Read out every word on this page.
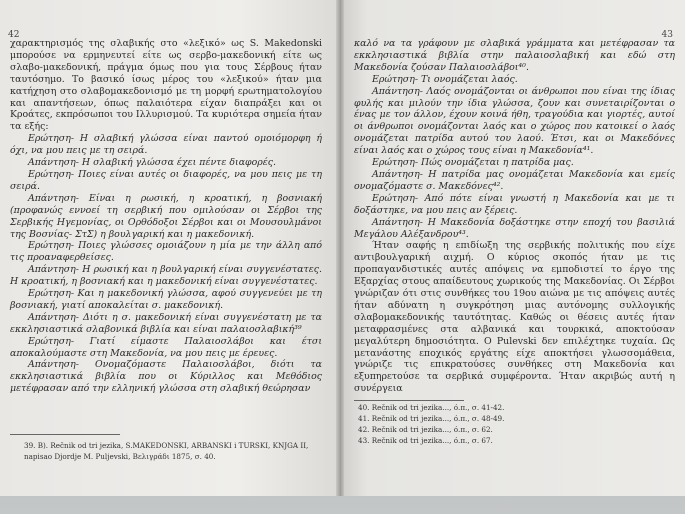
42

χαρακτηρισμός της σλαβικής στο «λεξικό» ως S. Makedonski μπορούσε να ερμηνευτεί είτε ως σερβο-μακεδονική είτε ως σλαβο-μακεδονική, πράγμα όμως που για τους Σέρβους ήταν ταυτόσημο. Το βασικό ίσως μέρος του «λεξικού» ήταν μια κατήχηση στο σλαβομακεδονισμό με τη μορφή ερωτηματολογίου και απαντήσεων, όπως παλαιότερα είχαν διαπράξει και οι Κροάτες, εκπρόσωποι του Ιλλυρισμού. Τα κυριότερα σημεία ήταν τα εξής:

Ερώτηση- Η σλαβική γλώσσα είναι παντού ομοιόμορφη ή όχι, να μου πεις με τη σειρά.

Απάντηση- Η σλαβική γλώσσα έχει πέντε διαφορές.

Ερώτηση- Ποιες είναι αυτές οι διαφορές, να μου πεις με τη σειρά.

Απάντηση- Είναι η ρωσική, η κροατική, η βοσνιακή (προφανώς εννοεί τη σερβική που ομιλούσαν οι Σέρβοι της Σερβικής Ηγεμονίας, οι Ορθόδοξοι Σέρβοι και οι Μουσουλμάνοι της Βοσνίας- ΣτΣ) η βουλγαρική και η μακεδονική.

Ερώτηση- Ποιες γλώσσες ομοιάζουν η μία με την άλλη από τις προαναφερθείσες.

Απάντηση- Η ρωσική και η βουλγαρική είναι συγγενέστατες. Η κροατική, η βοσνιακή και η μακεδονική είναι συγγενέστατες.

Ερώτηση- Και η μακεδονική γλώσσα, αφού συγγενεύει με τη βοσνιακή, γιατί αποκαλείται σ. μακεδονική.

Απάντηση- Διότι η σ. μακεδονική είναι συγγενέστατη με τα εκκλησιαστικά σλαβονικά βιβλία και είναι παλαιοσλαβική³⁹

Ερώτηση- Γιατί είμαστε Παλαιοσλάβοι και έτσι αποκαλούμαστε στη Μακεδονία, να μου πεις με έρευες.

Απάντηση- Ονομαζόμαστε Παλαιοσλάβοι, διότι τα εκκλησιαστικά βιβλία που οι Κύριλλος και Μεθόδιος μετέφρασαν από την ελληνική γλώσσα στη σλαβική θεώρησαν

39. Β). Rečnik od tri jezika, S.MAKEDONSKI, ARBANSKI i TURSKI, KNJGA II, napisao Djordje M. Puljevski, Βελιγράδι 1875, σ. 40.
43

καλό να τα γράφουν με σλαβικά γράμματα και μετέφρασαν τα εκκλησιαστικά βιβλία στην παλαιοσλαβική και εδώ στη Μακεδονία ζούσαν Παλαιοσλάβοι⁴⁰.

Ερώτηση- Τι ονομάζεται λαός.

Απάντηση- Λαός ονομάζονται οι άνθρωποι που είναι της ίδιας φυλής και μιλούν την ίδια γλώσσα, ζουν και συνεταιρίζονται ο ένας με τον άλλον, έχουν κοινά ήθη, τραγούδια και γιορτές, αυτοί οι άνθρωποι ονομάζονται λαός και ο χώρος που κατοικεί ο λαός ονομάζεται πατρίδα αυτού του λαού. Έτσι, και οι Μακεδόνες είναι λαός και ο χώρος τους είναι η Μακεδονία⁴¹.

Ερώτηση- Πώς ονομάζεται η πατρίδα μας.

Απάντηση- Η πατρίδα μας ονομάζεται Μακεδονία και εμείς ονομαζόμαστε σ. Μακεδόνες⁴².

Ερώτηση- Από πότε είναι γνωστή η Μακεδονία και με τι δοξάστηκε, να μου πεις αν ξέρεις.

Απάντηση- Η Μακεδονία δοξάστηκε στην εποχή του βασιλιά Μεγάλου Αλέξανδρου⁴³.

Ήταν σαφής η επιδίωξη της σερβικής πολιτικής που είχε αντιβουλγαρική αιχμή. Ο κύριος σκοπός ήταν με τις προπαγανδιστικές αυτές απόψεις να εμποδιστεί το έργο της Εξαρχίας στους απαίδευτους χωρικούς της Μακεδονίας. Οι Σέρβοι γνώριζαν ότι στις συνθήκες του 19ου αιώνα με τις απόψεις αυτές ήταν αδύνατη η συγκρότηση μιας αυτόνομης συλλογικής σλαβομακεδονικής ταυτότητας. Καθώς οι θέσεις αυτές ήταν μεταφρασμένες στα αλβανικά και τουρκικά, αποκτούσαν μεγαλύτερη δημοσιότητα. Ο Pulevski δεν επιλέχτηκε τυχαία. Ως μετανάστης εποχικός εργάτης είχε αποκτήσει γλωσσομάθεια, γνώριζε τις επικρατούσες συνθήκες στη Μακεδονία και εξυπηρετούσε τα σερβικά συμφέροντα. Ήταν ακριβώς αυτή η συνέργεια

40. Rečnik od tri jezika..., ό.π., σ. 41-42.
41. Rečnik od tri jezika..., ό.π., σ. 48-49.
42. Rečnik od tri jezika..., ό.π., σ. 62.
43. Rečnik od tri jezika..., ό.π., σ. 67.
